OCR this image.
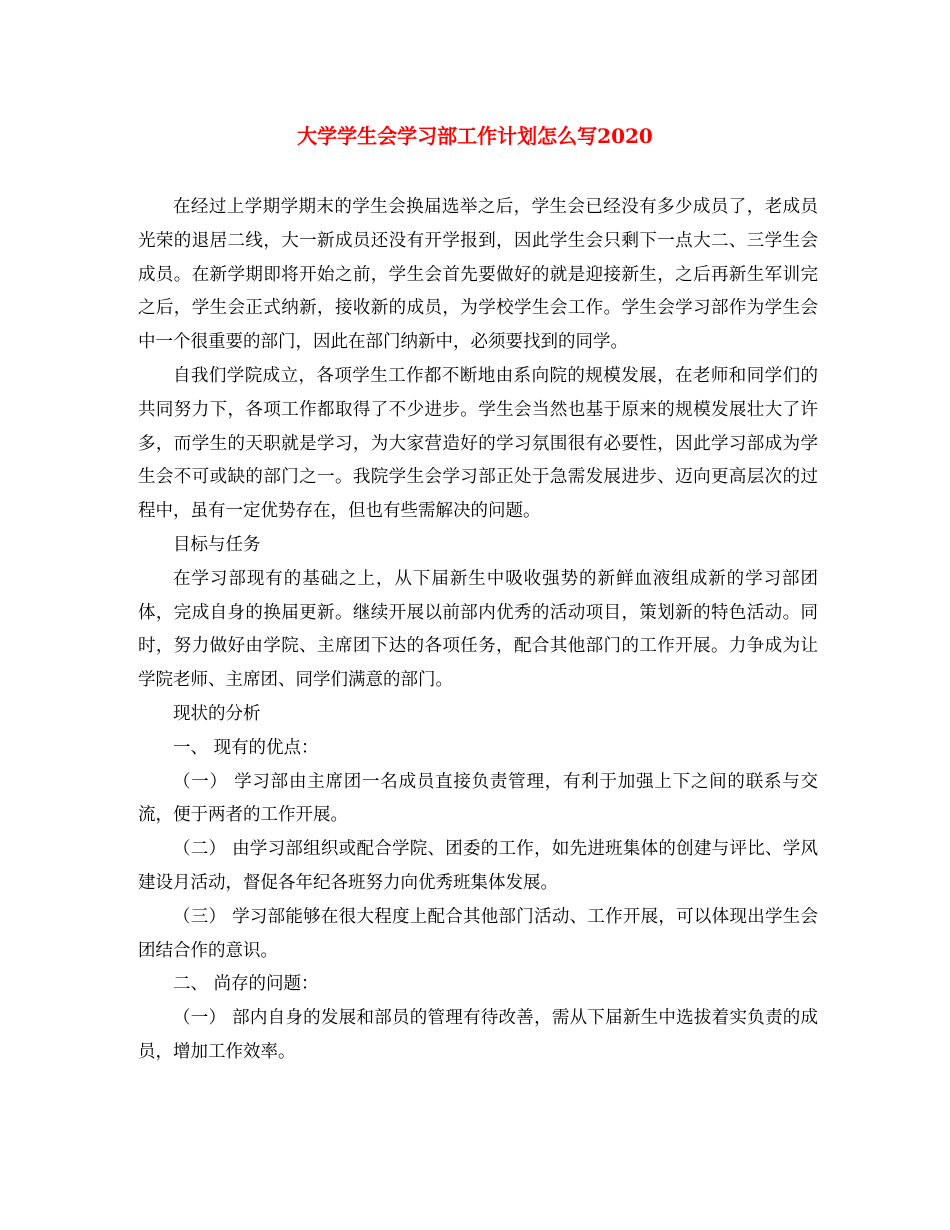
大学学生会学习部工作计划怎么写2020

在经过上学期学期末的学生会换届选举之后，学生会已经没有多少成员了，老成员光荣的退居二线，大一新成员还没有开学报到，因此学生会只剩下一点大二、三学生会成员。在新学期即将开始之前，学生会首先要做好的就是迎接新生，之后再新生军训完之后，学生会正式纳新，接收新的成员，为学校学生会工作。学生会学习部作为学生会中一个很重要的部门，因此在部门纳新中，必须要找到的同学。

自我们学院成立，各项学生工作都不断地由系向院的规模发展，在老师和同学们的共同努力下，各项工作都取得了不少进步。学生会当然也基于原来的规模发展壮大了许多，而学生的天职就是学习，为大家营造好的学习氛围很有必要性，因此学习部成为学生会不可或缺的部门之一。我院学生会学习部正处于急需发展进步、迈向更高层次的过程中，虽有一定优势存在，但也有些需解决的问题。

目标与任务

在学习部现有的基础之上，从下届新生中吸收强势的新鲜血液组成新的学习部团体，完成自身的换届更新。继续开展以前部内优秀的活动项目，策划新的特色活动。同时，努力做好由学院、主席团下达的各项任务，配合其他部门的工作开展。力争成为让学院老师、主席团、同学们满意的部门。

现状的分析

一、 现有的优点：

（一） 学习部由主席团一名成员直接负责管理，有利于加强上下之间的联系与交流，便于两者的工作开展。

（二） 由学习部组织或配合学院、团委的工作，如先进班集体的创建与评比、学风建设月活动，督促各年纪各班努力向优秀班集体发展。

（三） 学习部能够在很大程度上配合其他部门活动、工作开展，可以体现出学生会团结合作的意识。

二、 尚存的问题：

（一） 部内自身的发展和部员的管理有待改善，需从下届新生中选拔着实负责的成员，增加工作效率。
